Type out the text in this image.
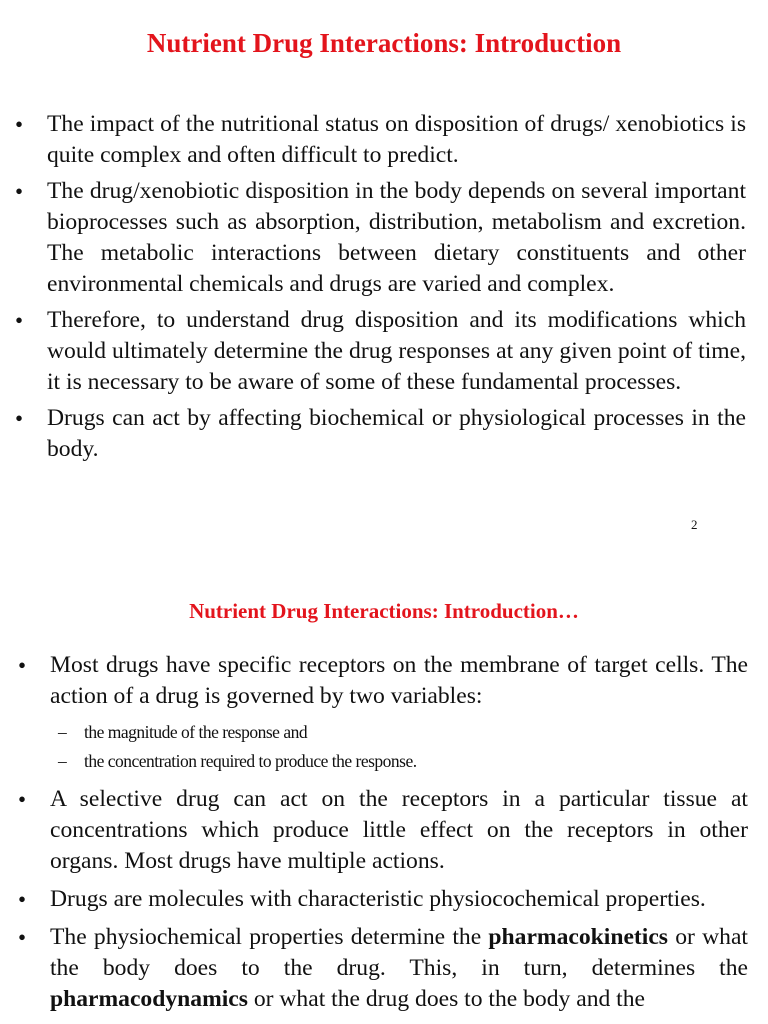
Nutrient Drug Interactions: Introduction
• The impact of the nutritional status on disposition of drugs/ xenobiotics is quite complex and often difficult to predict.
• The drug/xenobiotic disposition in the body depends on several important bioprocesses such as absorption, distribution, metabolism and excretion. The metabolic interactions between dietary constituents and other environmental chemicals and drugs are varied and complex.
• Therefore, to understand drug disposition and its modifications which would ultimately determine the drug responses at any given point of time, it is necessary to be aware of some of these fundamental processes.
• Drugs can act by affecting biochemical or physiological processes in the body.
2
Nutrient Drug Interactions: Introduction…
• Most drugs have specific receptors on the membrane of target cells. The action of a drug is governed by two variables:
– the magnitude of the response and
– the concentration required to produce the response.
• A selective drug can act on the receptors in a particular tissue at concentrations which produce little effect on the receptors in other organs. Most drugs have multiple actions.
• Drugs are molecules with characteristic physiocochemical properties.
• The physiochemical properties determine the pharmacokinetics or what the body does to the drug. This, in turn, determines the pharmacodynamics or what the drug does to the body and the
